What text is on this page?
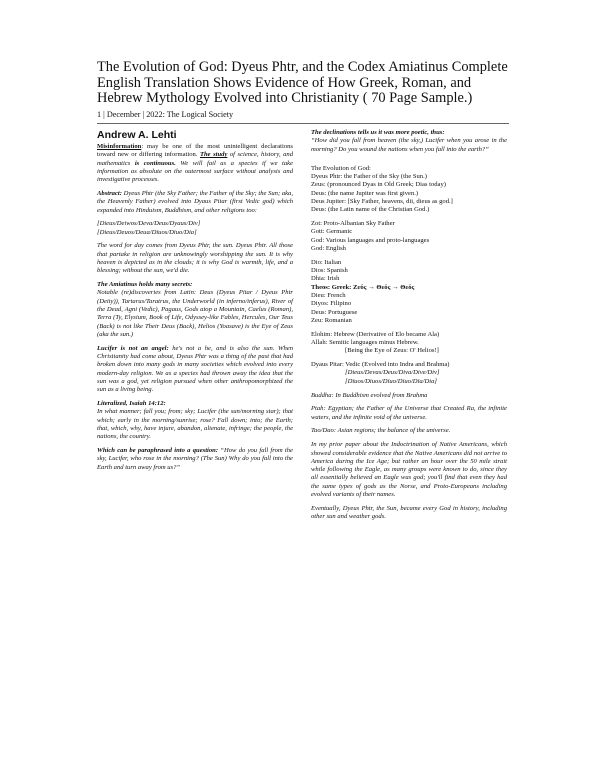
The Evolution of God: Dyeus Phtr, and the Codex Amiatinus Complete English Translation Shows Evidence of How Greek, Roman, and Hebrew Mythology Evolved into Christianity ( 70 Page Sample.)

1 | December | 2022: The Logical Society

Andrew A. Lehti

Misinformation: may be one of the most unintelligent declarations toward new or differing information. The study of science, history, and mathematics is continuous. We will fail as a species if we take information as absolute on the outermost surface without analysis and investigative processes.

Abstract: Dyeus Phtr (the Sky Father; the Father of the Sky; the Sun; aka, the Heavenly Father) evolved into Dyaus Pitar (first Vedic god) which expanded into Hinduism, Buddhism, and other religions too:

[Dieus/Deiwos/Deva/Deus/Dyaus/Div]

[Dieus/Deuos/Deua/Dīuos/Dīuo/Dia]

The word for day comes from Dyeus Phtr, the sun. Dyeus Phtr. All those that partake in religion are unknowingly worshipping the sun. It is why heaven is depicted as in the clouds; it is why God is warmth, life, and a blessing; without the sun, we'd die.

The Amiatinus holds many secrets:

Notable (re)discoveries from Latin: Deus (Dyeus Pitar / Dyeus Phtr (Deity)), Tartarus/Taratrus, the Underworld (in inferno/inferus), River of the Dead, Agni (Vedic), Pagaus, Gods atop a Mountain, Caelus (Roman), Terra (Ty, Elysium, Book of Life, Odyssey-like Fables, Hercules, Our Teus (Back) is not like Their Deus (Back), Helios (Yoasave) is the Eye of Zeus (aka the sun.)

Lucifer is not an angel: he's not a he, and is also the sun. When Christianity had come about, Dyeus Phtr was a thing of the past that had broken down into many gods in many societies which evolved into every modern-day religion. We as a species had thrown away the idea that the sun was a god, yet religion pursued when other anthropomorphized the sun as a living being.

Literalized, Isaiah 14:12:

In what manner; fall you; from; sky; Lucifer (the sun/morning star); that which; early in the morning/sunrise; rose? Fall down; into; the Earth; that, which, why, have injure, abandon, alienate, infringe; the people, the nations, the country.

Which can be paraphrased into a question: “How do you fall from the sky, Lucifer, who rose in the morning? (The Sun) Why do you fall into the Earth and turn away from us?”

The declinations tells us it was more poetic, thus:

“How did you fall from heaven (the sky,) Lucifer when you arose in the morning? Do you wound the nations when you fall into the earth?”

The Evolution of God:

Dyeus Phtr: the Father of the Sky (the Sun.)

Zeus: (pronounced Dyas in Old Greek; Dias today)

Deus: (the name Jupiter was first given.)

Deus Jupiter: [Sky Father, heavens, dii, dieus as god.]

Deus: (the Latin name of the Christian God.)

Zot: Proto-Albanian Sky Father

Gott: Germanic

God: Various languages and proto-languages

God: English

Dio: Italian

Dios: Spanish

Dhia: Irish

Theos: Greek: Ζεύς → Θεός → Θεός

Dieu: French

Diyos: Filipino

Deus: Portuguese

Zeu: Romanian

Elohim: Hebrew (Derivative of Elo became Ala)

Allah: Semitic languages minus Hebrew.

[Being the Eye of Zeus: O' Helios!]

Dyaus Pitar: Vedic (Evolved into Indra and Brahma)

[Dieus/Devas/Deus/Diva/Dive/Div]

[Dīuos/Dīuos/Dīuo/Dīuo/Dīa/Dia]

Buddha: In Buddhism evolved from Brahma

Ptah: Egyptian; the Father of the Universe that Created Ra, the infinite waters, and the infinite void of the universe.

Tao/Dao: Asian regions; the balance of the universe.

In my prior paper about the Indoctrination of Native Americans, which showed considerable evidence that the Native Americans did not arrive to America during the Ice Age; but rather an hour over the 50 mile strait while following the Eagle, as many groups were known to do, since they all essentially believed an Eagle was god; you'll find that even they had the same types of gods as the Norse, and Proto-Europeans including evolved variants of their names.

Eventually, Dyeus Phtr, the Sun, became every God in history, including other sun and weather gods.
